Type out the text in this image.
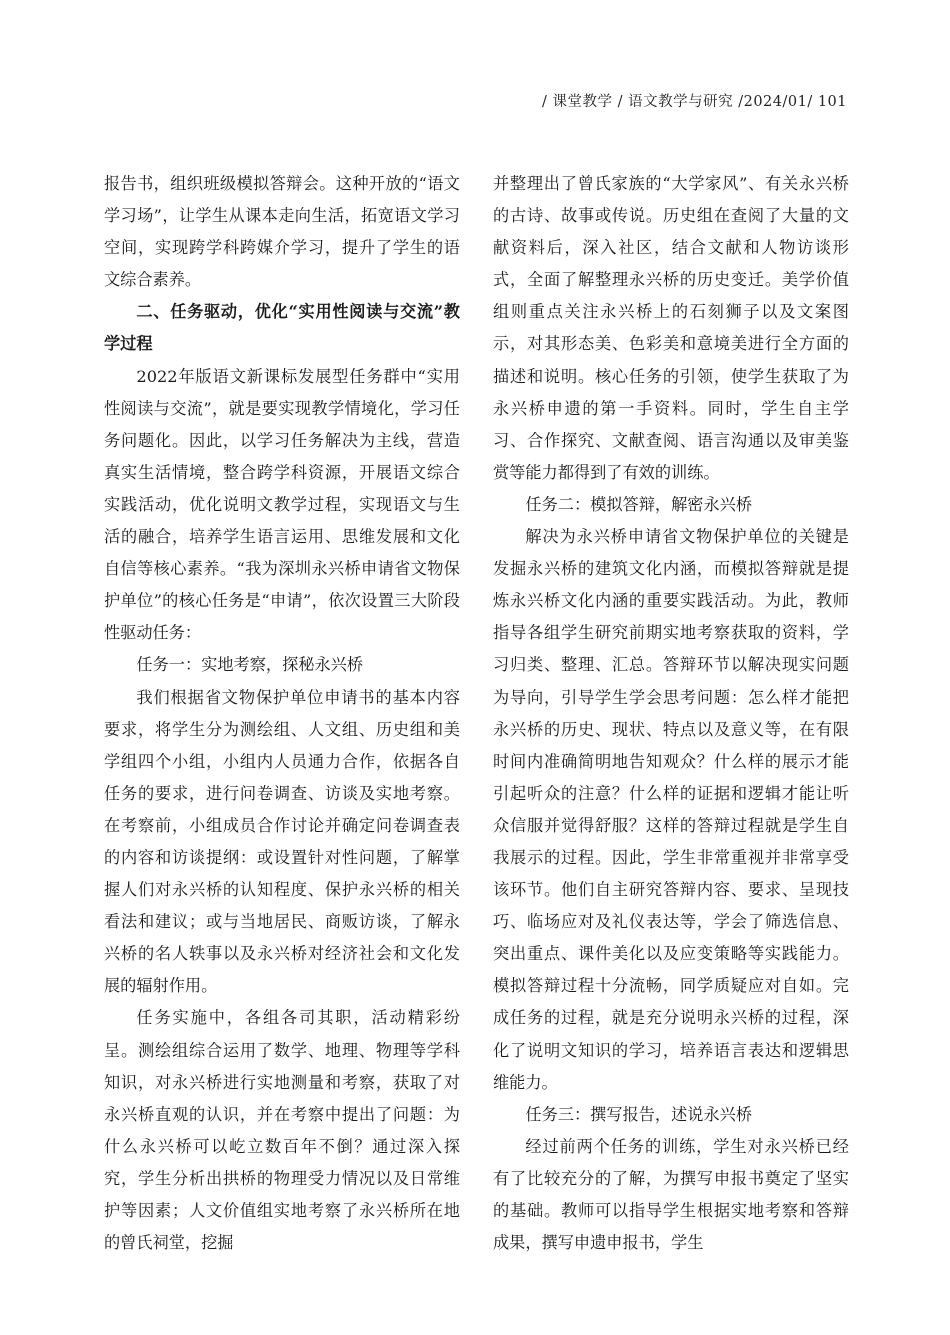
/ 课堂教学 / 语文教学与研究 /2024/01/ 101

报告书，组织班级模拟答辩会。这种开放的“语文学习场”，让学生从课本走向生活，拓宽语文学习空间，实现跨学科跨媒介学习，提升了学生的语文综合素养。

二、任务驱动，优化“实用性阅读与交流”教学过程

2022年版语文新课标发展型任务群中“实用性阅读与交流”，就是要实现教学情境化，学习任务问题化。因此，以学习任务解决为主线，营造真实生活情境，整合跨学科资源，开展语文综合实践活动，优化说明文教学过程，实现语文与生活的融合，培养学生语言运用、思维发展和文化自信等核心素养。“我为深圳永兴桥申请省文物保护单位”的核心任务是“申请”，依次设置三大阶段性驱动任务：

任务一：实地考察，探秘永兴桥

我们根据省文物保护单位申请书的基本内容要求，将学生分为测绘组、人文组、历史组和美学组四个小组，小组内人员通力合作，依据各自任务的要求，进行问卷调查、访谈及实地考察。在考察前，小组成员合作讨论并确定问卷调查表的内容和访谈提纲：或设置针对性问题，了解掌握人们对永兴桥的认知程度、保护永兴桥的相关看法和建议；或与当地居民、商贩访谈，了解永兴桥的名人轶事以及永兴桥对经济社会和文化发展的辐射作用。

任务实施中，各组各司其职，活动精彩纷呈。测绘组综合运用了数学、地理、物理等学科知识，对永兴桥进行实地测量和考察，获取了对永兴桥直观的认识，并在考察中提出了问题：为什么永兴桥可以屹立数百年不倒？通过深入探究，学生分析出拱桥的物理受力情况以及日常维护等因素；人文价值组实地考察了永兴桥所在地的曾氏祠堂，挖掘

并整理出了曾氏家族的“大学家风”、有关永兴桥的古诗、故事或传说。历史组在查阅了大量的文献资料后，深入社区，结合文献和人物访谈形式，全面了解整理永兴桥的历史变迁。美学价值组则重点关注永兴桥上的石刻狮子以及文案图示，对其形态美、色彩美和意境美进行全方面的描述和说明。核心任务的引领，使学生获取了为永兴桥申遗的第一手资料。同时，学生自主学习、合作探究、文献查阅、语言沟通以及审美鉴赏等能力都得到了有效的训练。

任务二：模拟答辩，解密永兴桥

解决为永兴桥申请省文物保护单位的关键是发掘永兴桥的建筑文化内涵，而模拟答辩就是提炼永兴桥文化内涵的重要实践活动。为此，教师指导各组学生研究前期实地考察获取的资料，学习归类、整理、汇总。答辩环节以解决现实问题为导向，引导学生学会思考问题：怎么样才能把永兴桥的历史、现状、特点以及意义等，在有限时间内准确简明地告知观众？什么样的展示才能引起听众的注意？什么样的证据和逻辑才能让听众信服并觉得舒服？这样的答辩过程就是学生自我展示的过程。因此，学生非常重视并非常享受该环节。他们自主研究答辩内容、要求、呈现技巧、临场应对及礼仪表达等，学会了筛选信息、突出重点、课件美化以及应变策略等实践能力。模拟答辩过程十分流畅，同学质疑应对自如。完成任务的过程，就是充分说明永兴桥的过程，深化了说明文知识的学习，培养语言表达和逻辑思维能力。

任务三：撰写报告，述说永兴桥

经过前两个任务的训练，学生对永兴桥已经有了比较充分的了解，为撰写申报书奠定了坚实的基础。教师可以指导学生根据实地考察和答辩成果，撰写申遗申报书，学生
